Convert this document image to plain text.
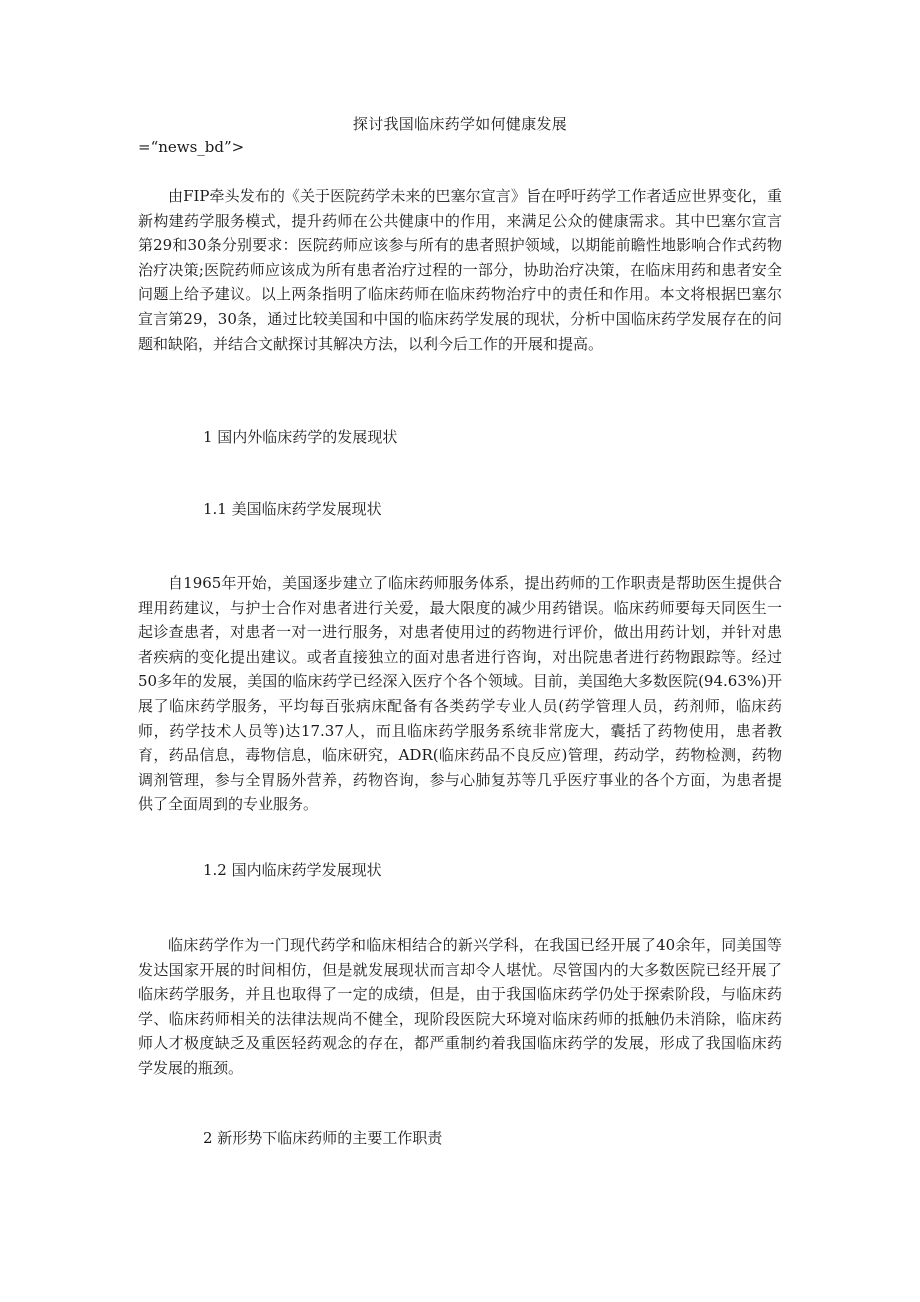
探讨我国临床药学如何健康发展
=“news_bd”>

由FIP牵头发布的《关于医院药学未来的巴塞尔宣言》旨在呼吁药学工作者适应世界变化，重新构建药学服务模式，提升药师在公共健康中的作用，来满足公众的健康需求。其中巴塞尔宣言第29和30条分别要求：医院药师应该参与所有的患者照护领域，以期能前瞻性地影响合作式药物治疗决策;医院药师应该成为所有患者治疗过程的一部分，协助治疗决策，在临床用药和患者安全问题上给予建议。以上两条指明了临床药师在临床药物治疗中的责任和作用。本文将根据巴塞尔宣言第29，30条，通过比较美国和中国的临床药学发展的现状，分析中国临床药学发展存在的问题和缺陷，并结合文献探讨其解决方法，以利今后工作的开展和提高。

1 国内外临床药学的发展现状

1.1 美国临床药学发展现状

自1965年开始，美国逐步建立了临床药师服务体系，提出药师的工作职责是帮助医生提供合理用药建议，与护士合作对患者进行关爱，最大限度的减少用药错误。临床药师要每天同医生一起诊查患者，对患者一对一进行服务，对患者使用过的药物进行评价，做出用药计划，并针对患者疾病的变化提出建议。或者直接独立的面对患者进行咨询，对出院患者进行药物跟踪等。经过50多年的发展，美国的临床药学已经深入医疗个各个领域。目前，美国绝大多数医院(94.63%)开展了临床药学服务，平均每百张病床配备有各类药学专业人员(药学管理人员，药剂师，临床药师，药学技术人员等)达17.37人，而且临床药学服务系统非常庞大，囊括了药物使用，患者教育，药品信息，毒物信息，临床研究，ADR(临床药品不良反应)管理，药动学，药物检测，药物调剂管理，参与全胃肠外营养，药物咨询，参与心肺复苏等几乎医疗事业的各个方面，为患者提供了全面周到的专业服务。

1.2 国内临床药学发展现状

临床药学作为一门现代药学和临床相结合的新兴学科，在我国已经开展了40余年，同美国等发达国家开展的时间相仿，但是就发展现状而言却令人堪忧。尽管国内的大多数医院已经开展了临床药学服务，并且也取得了一定的成绩，但是，由于我国临床药学仍处于探索阶段，与临床药学、临床药师相关的法律法规尚不健全，现阶段医院大环境对临床药师的抵触仍未消除，临床药师人才极度缺乏及重医轻药观念的存在，都严重制约着我国临床药学的发展，形成了我国临床药学发展的瓶颈。

2 新形势下临床药师的主要工作职责
